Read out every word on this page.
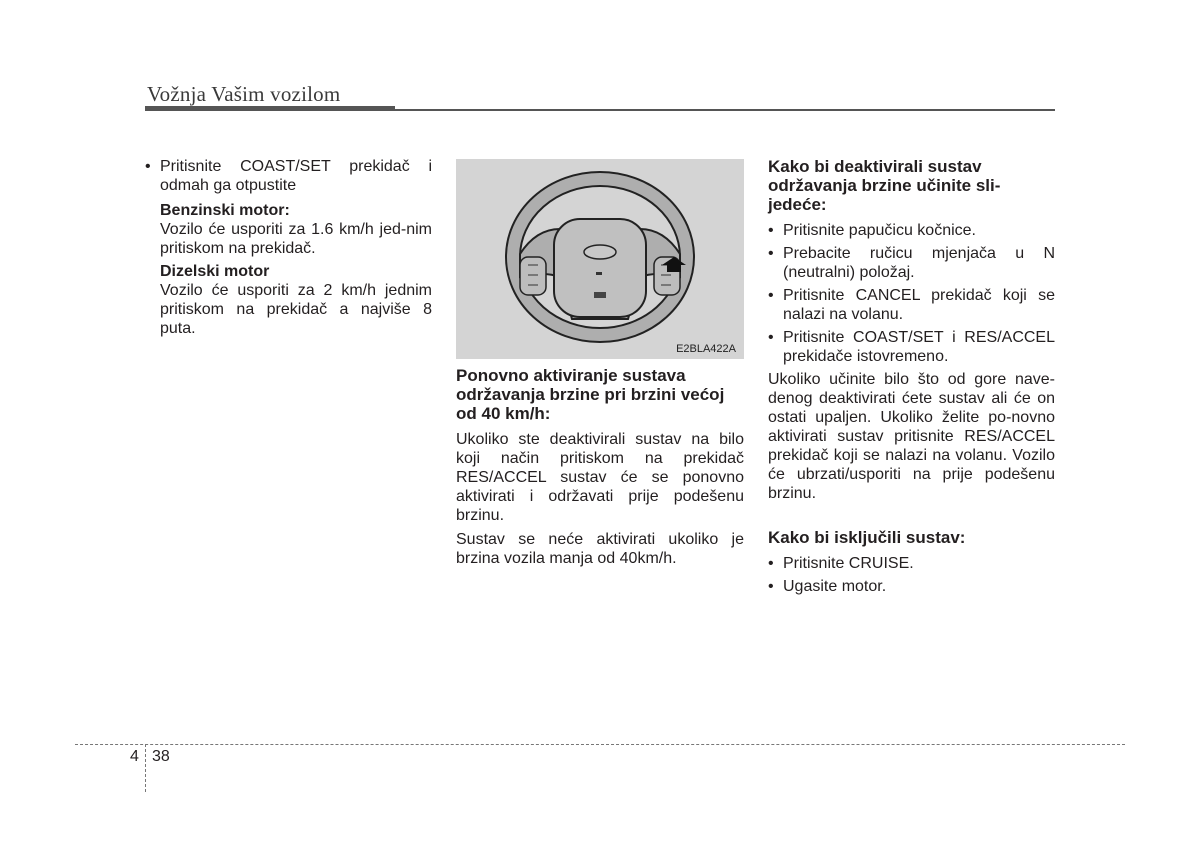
Vožnja Vašim vozilom
• Pritisnite COAST/SET prekidač i odmah ga otpustite
Benzinski motor:
Vozilo će usporiti za 1.6 km/h jed-nim pritiskom na prekidač.
Dizelski motor
Vozilo će usporiti za 2 km/h jednim pritiskom na prekidač a najviše 8 puta.
E2BLA422A
Ponovno aktiviranje sustava održavanja brzine pri brzini većoj od 40 km/h:

Ukoliko ste deaktivirali sustav na bilo koji način pritiskom na prekidač RES/ACCEL sustav će se ponovno aktivirati i održavati prije podešenu brzinu.

Sustav se neće aktivirati ukoliko je brzina vozila manja od 40km/h.

Kako bi deaktivirali sustav održavanja brzine učinite sli-jedeće:
• Pritisnite papučicu kočnice.
• Prebacite ručicu mjenjača u N (neutralni) položaj.
• Pritisnite CANCEL prekidač koji se nalazi na volanu.
• Pritisnite COAST/SET i RES/ACCEL prekidače istovremeno.

Ukoliko učinite bilo što od gore nave-denog deaktivirati ćete sustav ali će on ostati upaljen. Ukoliko želite po-novno aktivirati sustav pritisnite RES/ACCEL prekidač koji se nalazi na volanu. Vozilo će ubrzati/usporiti na prije podešenu brzinu.

Kako bi isključili sustav:
• Pritisnite CRUISE.
• Ugasite motor.
4 38
